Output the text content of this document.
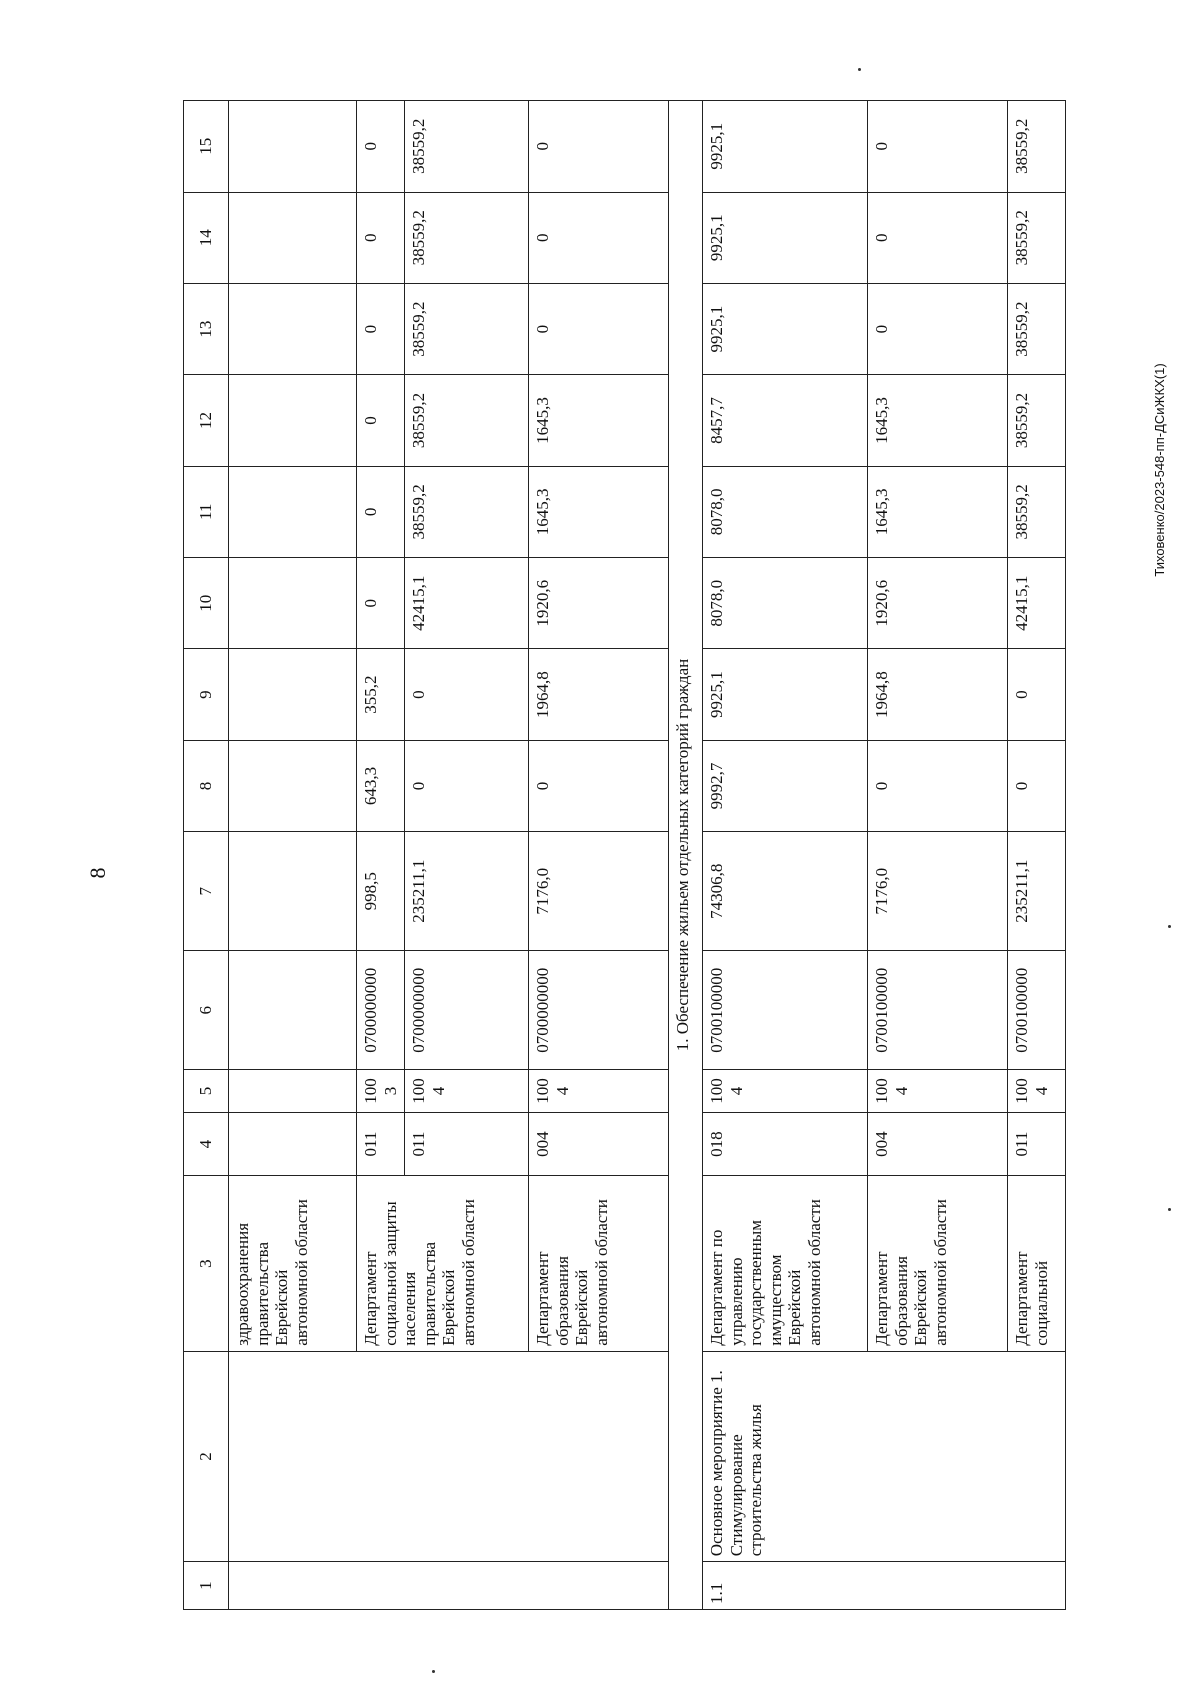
8
Тиховенко/2023-548-пп-ДСиЖКХ(1)
1	2	3	4	5	6	7	8	9	10	11	12	13	14	15
		здравоохранения правительства Еврейской автономной области												
		Департамент социальной защиты населения правительства Еврейской автономной области	011	1003	0700000000	998,5	643,3	355,2	0	0	0	0	0	0
			011	1004	0700000000	235211,1	0	0	42415,1	38559,2	38559,2	38559,2	38559,2	38559,2
		Департамент образования Еврейской автономной области	004	1004	0700000000	7176,0	0	1964,8	1920,6	1645,3	1645,3	0	0	0
1. Обеспечение жильем отдельных категорий граждан														
1.1	Основное мероприятие 1. Стимулирование строительства жилья	Департамент по управлению государственным имуществом Еврейской автономной области	018	1004	0700100000	74306,8	9992,7	9925,1	8078,0	8078,0	8457,7	9925,1	9925,1	9925,1
		Департамент образования Еврейской автономной области	004	1004	0700100000	7176,0	0	1964,8	1920,6	1645,3	1645,3	0	0	0
		Департамент социальной	011	1004	0700100000	235211,1	0	0	42415,1	38559,2	38559,2	38559,2	38559,2	38559,2
